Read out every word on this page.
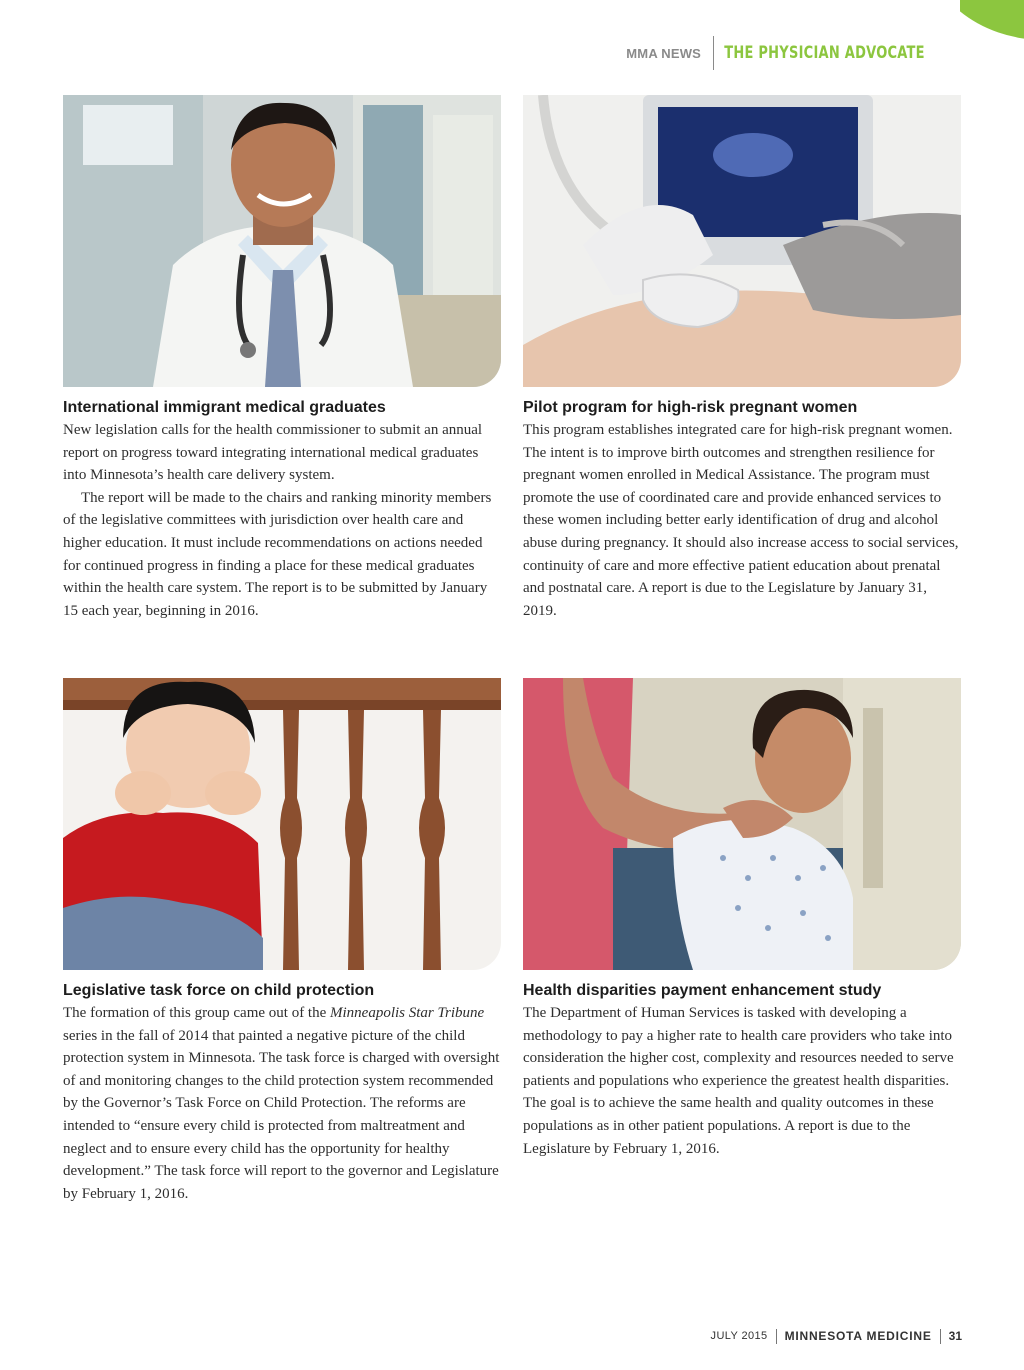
MMA NEWS	THE PHYSICIAN ADVOCATE
International immigrant medical graduates

New legislation calls for the health commissioner to submit an annual report on progress toward integrating international medical graduates into Minnesota’s health care delivery system.

The report will be made to the chairs and ranking minority members of the legislative committees with jurisdiction over health care and higher education. It must include recommendations on actions needed for continued progress in finding a place for these medical graduates within the health care system. The report is to be submitted by January 15 each year, beginning in 2016.

Pilot program for high-risk pregnant women

This program establishes integrated care for high-risk pregnant women. The intent is to improve birth outcomes and strengthen resilience for pregnant women enrolled in Medical Assistance. The program must promote the use of coordinated care and provide enhanced services to these women including better early identification of drug and alcohol abuse during pregnancy. It should also increase access to social services, continuity of care and more effective patient education about prenatal and postnatal care. A report is due to the Legislature by January 31, 2019.

Legislative task force on child protection

The formation of this group came out of the Minneapolis Star Tribune series in the fall of 2014 that painted a negative picture of the child protection system in Minnesota. The task force is charged with oversight of and monitoring changes to the child protection system recommended by the Governor’s Task Force on Child Protection. The reforms are intended to “ensure every child is protected from maltreatment and neglect and to ensure every child has the opportunity for healthy development.” The task force will report to the governor and Legislature by February 1, 2016.

Health disparities payment enhancement study

The Department of Human Services is tasked with developing a methodology to pay a higher rate to health care providers who take into consideration the higher cost, complexity and resources needed to serve patients and populations who experience the greatest health disparities. The goal is to achieve the same health and quality outcomes in these populations as in other patient populations. A report is due to the Legislature by February 1, 2016.

JULY 2015	MINNESOTA MEDICINE	31
